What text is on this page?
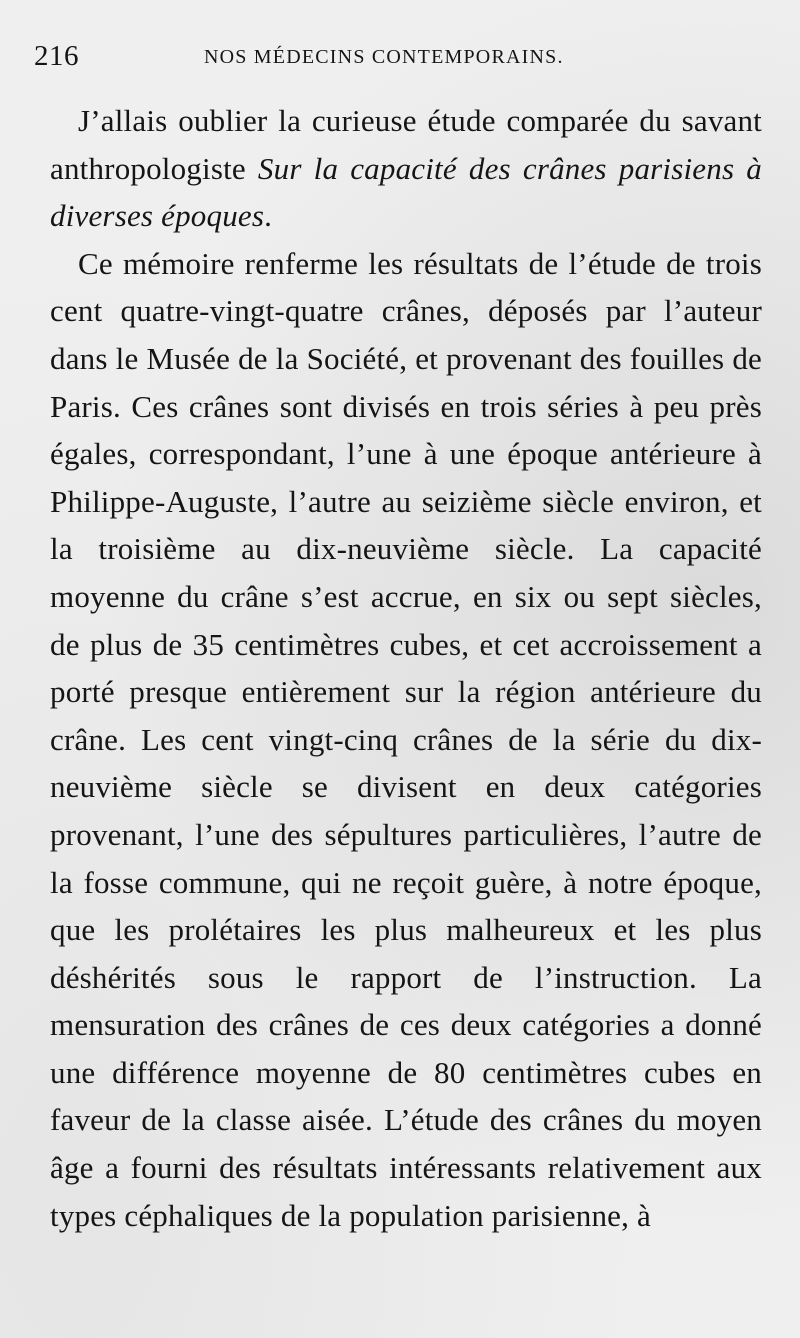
216	NOS MÉDECINS CONTEMPORAINS.

J’allais oublier la curieuse étude comparée du savant anthropologiste Sur la capacité des crânes parisiens à diverses époques.

Ce mémoire renferme les résultats de l’étude de trois cent quatre-vingt-quatre crânes, déposés par l’auteur dans le Musée de la Société, et provenant des fouilles de Paris. Ces crânes sont divisés en trois séries à peu près égales, correspondant, l’une à une époque antérieure à Philippe-Auguste, l’autre au seizième siècle environ, et la troisième au dix-neuvième siècle. La capacité moyenne du crâne s’est accrue, en six ou sept siècles, de plus de 35 centimètres cubes, et cet accroissement a porté presque entièrement sur la région antérieure du crâne. Les cent vingt-cinq crânes de la série du dix-neuvième siècle se divisent en deux catégories provenant, l’une des sépultures particulières, l’autre de la fosse commune, qui ne reçoit guère, à notre époque, que les prolétaires les plus malheureux et les plus déshérités sous le rapport de l’instruction. La mensuration des crânes de ces deux catégories a donné une différence moyenne de 80 centimètres cubes en faveur de la classe aisée. L’étude des crânes du moyen âge a fourni des résultats intéressants relativement aux types céphaliques de la population parisienne, à
